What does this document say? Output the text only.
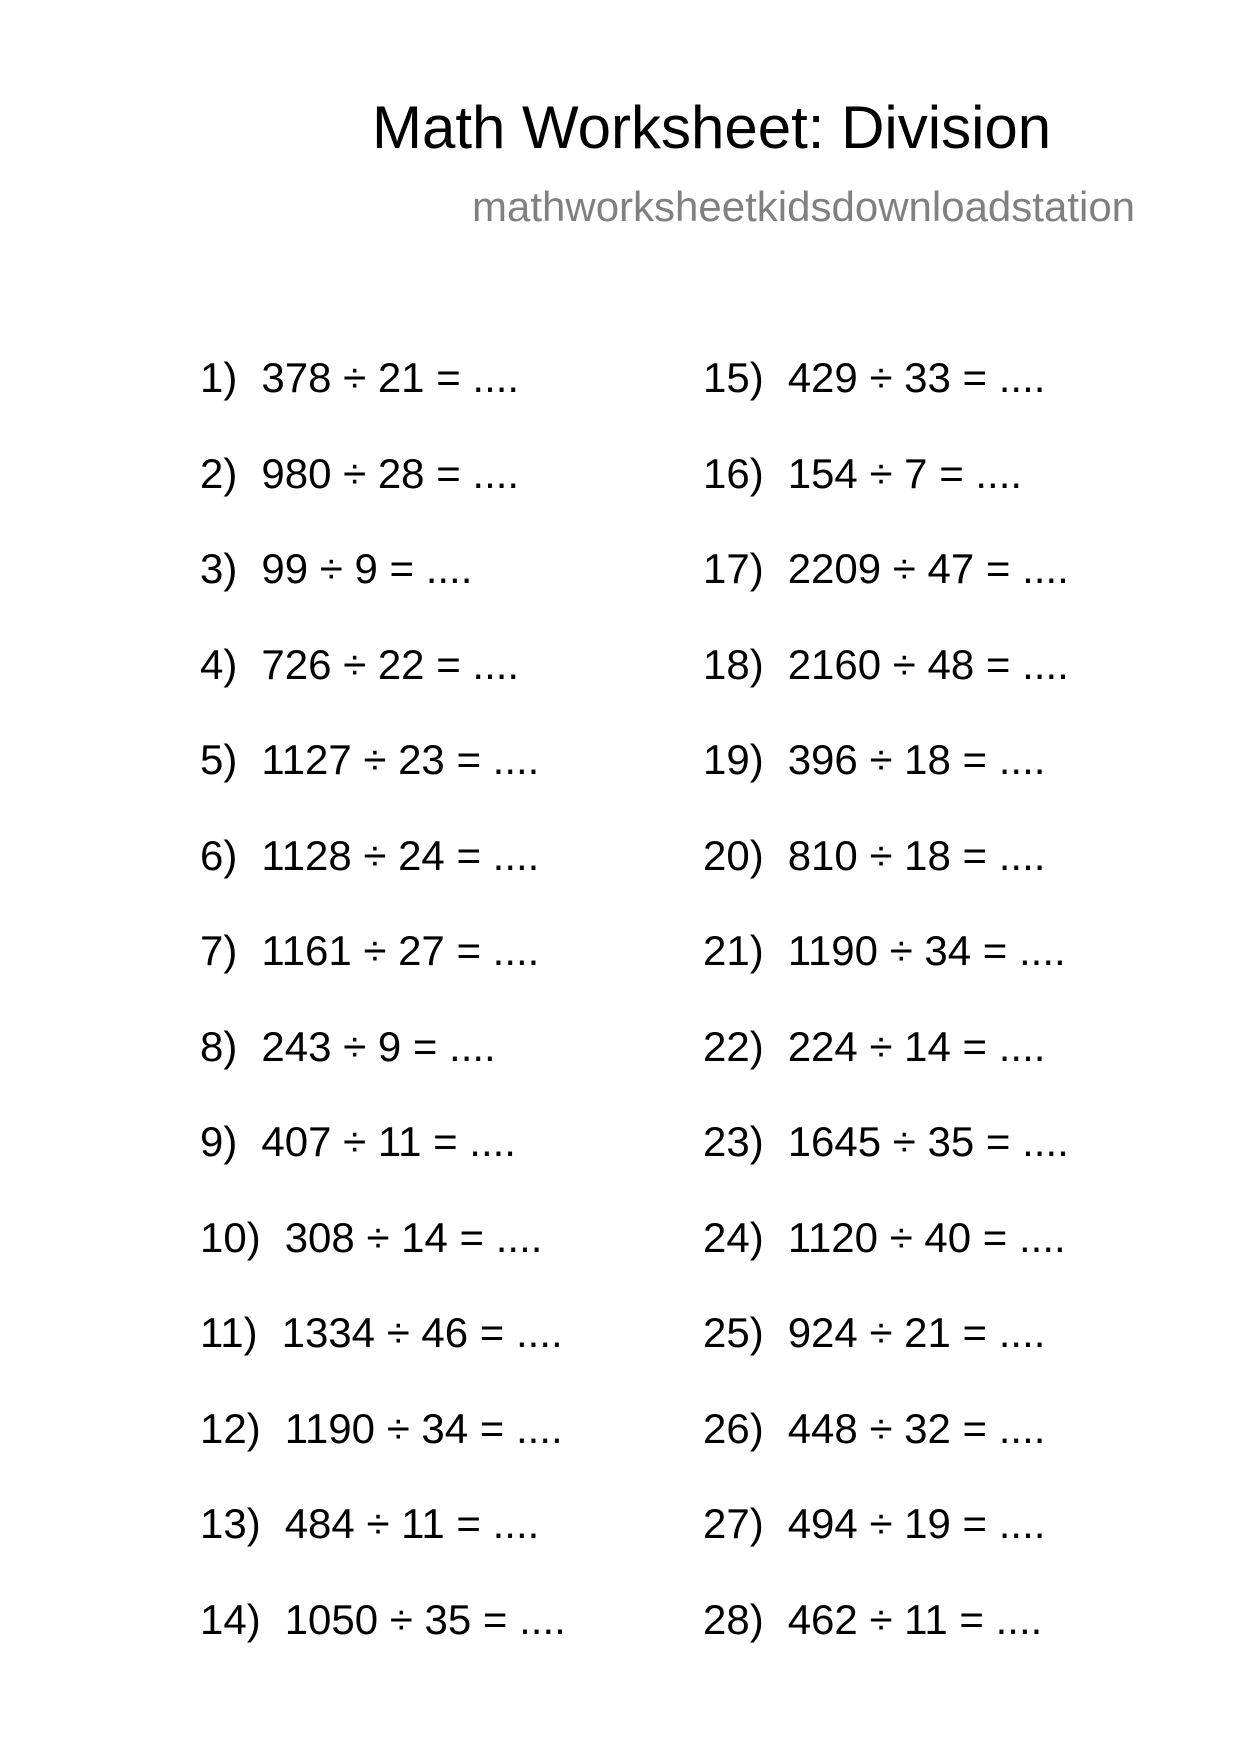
Math Worksheet: Division
mathworksheetkidsdownloadstation
1) 378 ÷ 21 = ....
2) 980 ÷ 28 = ....
3) 99 ÷ 9 = ....
4) 726 ÷ 22 = ....
5) 1127 ÷ 23 = ....
6) 1128 ÷ 24 = ....
7) 1161 ÷ 27 = ....
8) 243 ÷ 9 = ....
9) 407 ÷ 11 = ....
10) 308 ÷ 14 = ....
11) 1334 ÷ 46 = ....
12) 1190 ÷ 34 = ....
13) 484 ÷ 11 = ....
14) 1050 ÷ 35 = ....
15) 429 ÷ 33 = ....
16) 154 ÷ 7 = ....
17) 2209 ÷ 47 = ....
18) 2160 ÷ 48 = ....
19) 396 ÷ 18 = ....
20) 810 ÷ 18 = ....
21) 1190 ÷ 34 = ....
22) 224 ÷ 14 = ....
23) 1645 ÷ 35 = ....
24) 1120 ÷ 40 = ....
25) 924 ÷ 21 = ....
26) 448 ÷ 32 = ....
27) 494 ÷ 19 = ....
28) 462 ÷ 11 = ....
